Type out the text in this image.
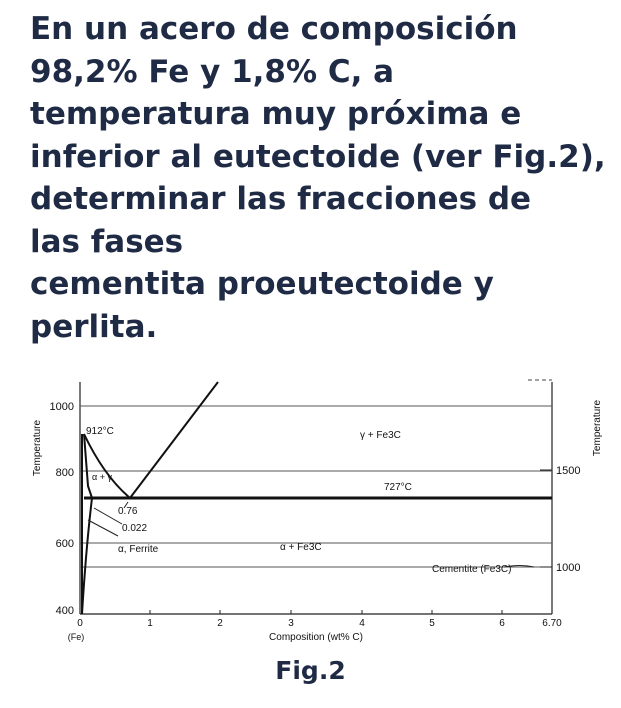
En un acero de composición
98,2% Fe y 1,8% C, a
temperatura muy próxima e
inferior al eutectoide (ver Fig.2),
determinar las fracciones de
las fases
cementita proeutectoide y
perlita.
Temperature	Temperature
1000
800
600
400
1500
1000
0	1	2	3	4	5	6	6.70
(Fe)	Composition (wt% C)
912°C
727°C
γ + Fe3C
α + Fe3C
α + γ
0.76
0.022
α, Ferrite
Cementite (Fe3C)
Fig.2
